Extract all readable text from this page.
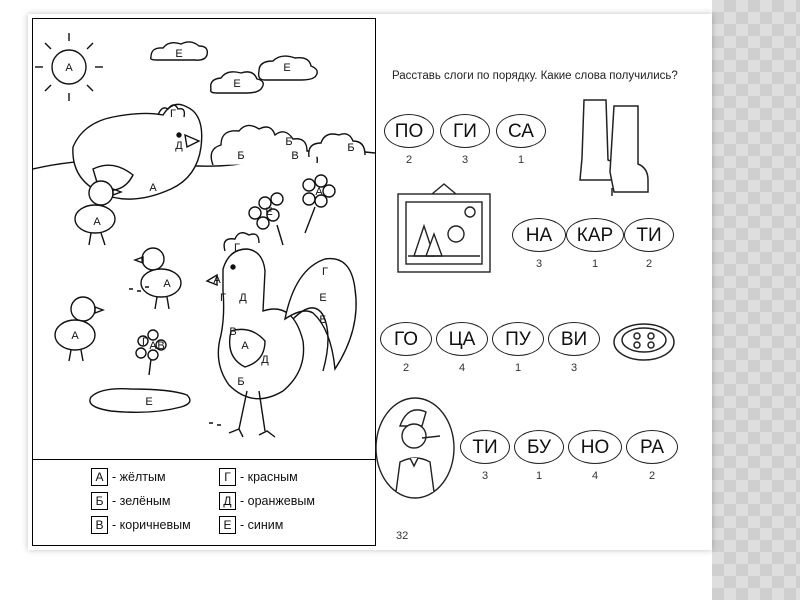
А
Е
Е
Е
А
Г
Д
А
А
А
Б
Б	Б
В
Е
А
Г
А
Г Д
В
А
Д
Б
Г
Е
Б
Г А В
Е
А - жёлтым
Б - зелёным
В - коричневым
Г - красным
Д - оранжевым
Е - синим
Расставь слоги по порядку. Какие слова получились?
ПО	ГИ	СА
2	3	1
НА	КАР	ТИ
3	1	2
ГО	ЦА	ПУ	ВИ
2	4	1	3
ТИ	БУ	НО	РА
3	1	4	2
32
